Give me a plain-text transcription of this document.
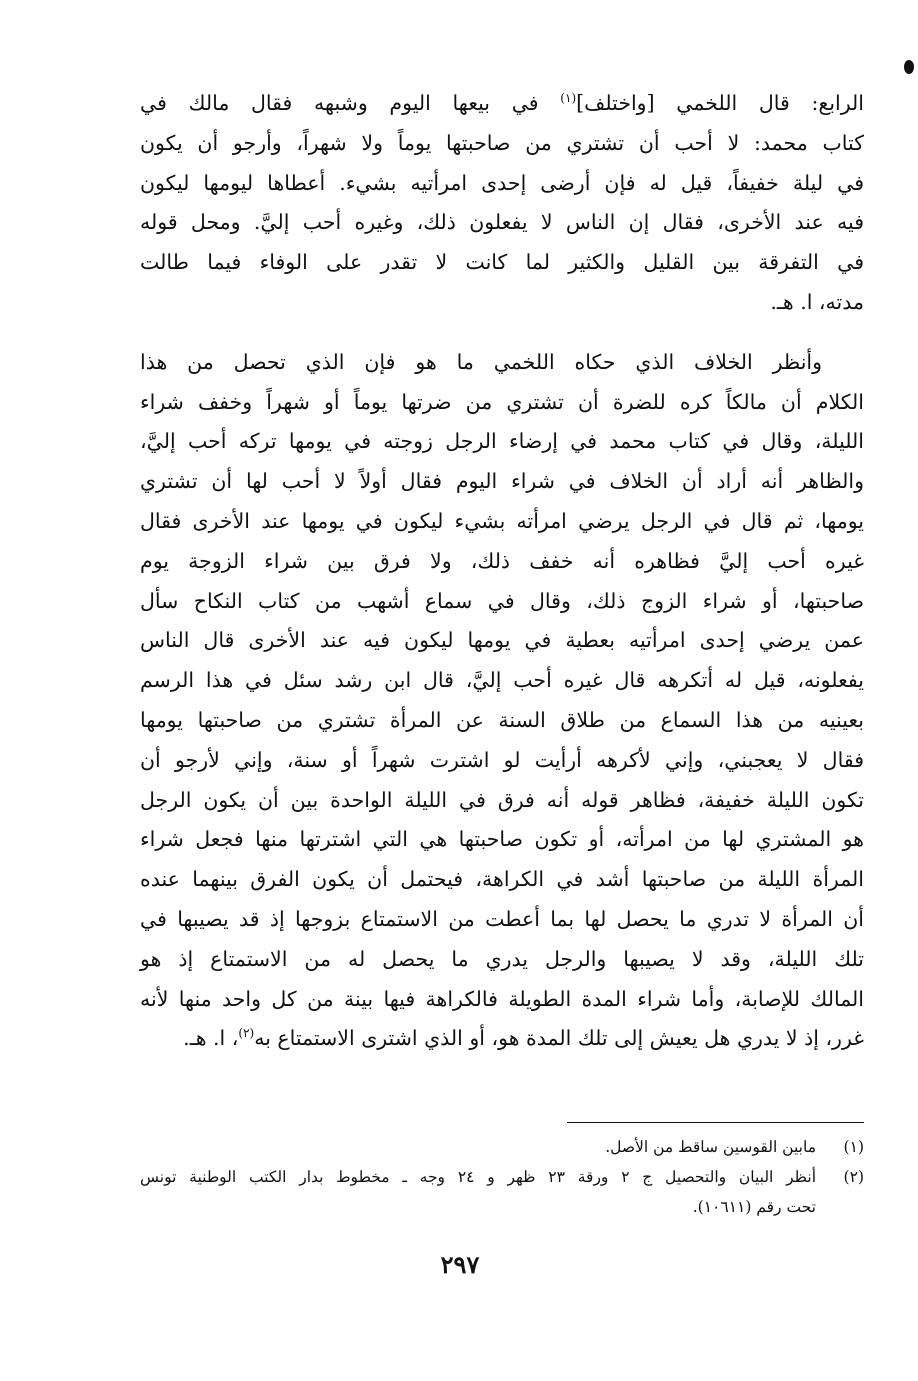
الرابع: قال اللخمي [واختلف]$^{(١)}$ في بيعها اليوم وشبهه فقال مالك في
كتاب محمد: لا أحب أن تشتري من صاحبتها يوماً ولا شهراً، وأرجو أن يكون
في ليلة خفيفاً، قيل له فإن أرضى إحدى امرأتيه بشيء. أعطاها ليومها ليكون
فيه عند الأخرى، فقال إن الناس لا يفعلون ذلك، وغيره أحب إليَّ. ومحل قوله
في التفرقة بين القليل والكثير لما كانت لا تقدر على الوفاء فيما طالت
مدته، ا. هـ.

وأنظر الخلاف الذي حكاه اللخمي ما هو فإن الذي تحصل من هذا
الكلام أن مالكاً كره للضرة أن تشتري من ضرتها يوماً أو شهراً وخفف شراء
الليلة، وقال في كتاب محمد في إرضاء الرجل زوجته في يومها تركه أحب إليَّ،
والظاهر أنه أراد أن الخلاف في شراء اليوم فقال أولاً لا أحب لها أن تشتري
يومها، ثم قال في الرجل يرضي امرأته بشيء ليكون في يومها عند الأخرى فقال
غيره أحب إليَّ فظاهره أنه خفف ذلك، ولا فرق بين شراء الزوجة يوم
صاحبتها، أو شراء الزوج ذلك، وقال في سماع أشهب من كتاب النكاح سأل
عمن يرضي إحدى امرأتيه بعطية في يومها ليكون فيه عند الأخرى قال الناس
يفعلونه، قيل له أتكرهه قال غيره أحب إليَّ، قال ابن رشد سئل في هذا الرسم
بعينيه من هذا السماع من طلاق السنة عن المرأة تشتري من صاحبتها يومها
فقال لا يعجبني، وإني لأكرهه أرأيت لو اشترت شهراً أو سنة، وإني لأرجو أن
تكون الليلة خفيفة، فظاهر قوله أنه فرق في الليلة الواحدة بين أن يكون الرجل
هو المشتري لها من امرأته، أو تكون صاحبتها هي التي اشترتها منها فجعل شراء
المرأة الليلة من صاحبتها أشد في الكراهة، فيحتمل أن يكون الفرق بينهما عنده
أن المرأة لا تدري ما يحصل لها بما أعطت من الاستمتاع بزوجها إذ قد يصيبها في
تلك الليلة، وقد لا يصيبها والرجل يدري ما يحصل له من الاستمتاع إذ هو
المالك للإصابة، وأما شراء المدة الطويلة فالكراهة فيها بينة من كل واحد منها لأنه
غرر، إذ لا يدري هل يعيش إلى تلك المدة هو، أو الذي اشترى الاستمتاع به$^{(٢)}$، ا. هـ.

(١)
مابين القوسين ساقط من الأصل.
(٢)
أنظر البيان والتحصيل ج ٢ ورقة ٢٣ ظهر و ٢٤ وجه ـ مخطوط بدار الكتب الوطنية تونس
تحت رقم (١٠٦١١).
٢٩٧
